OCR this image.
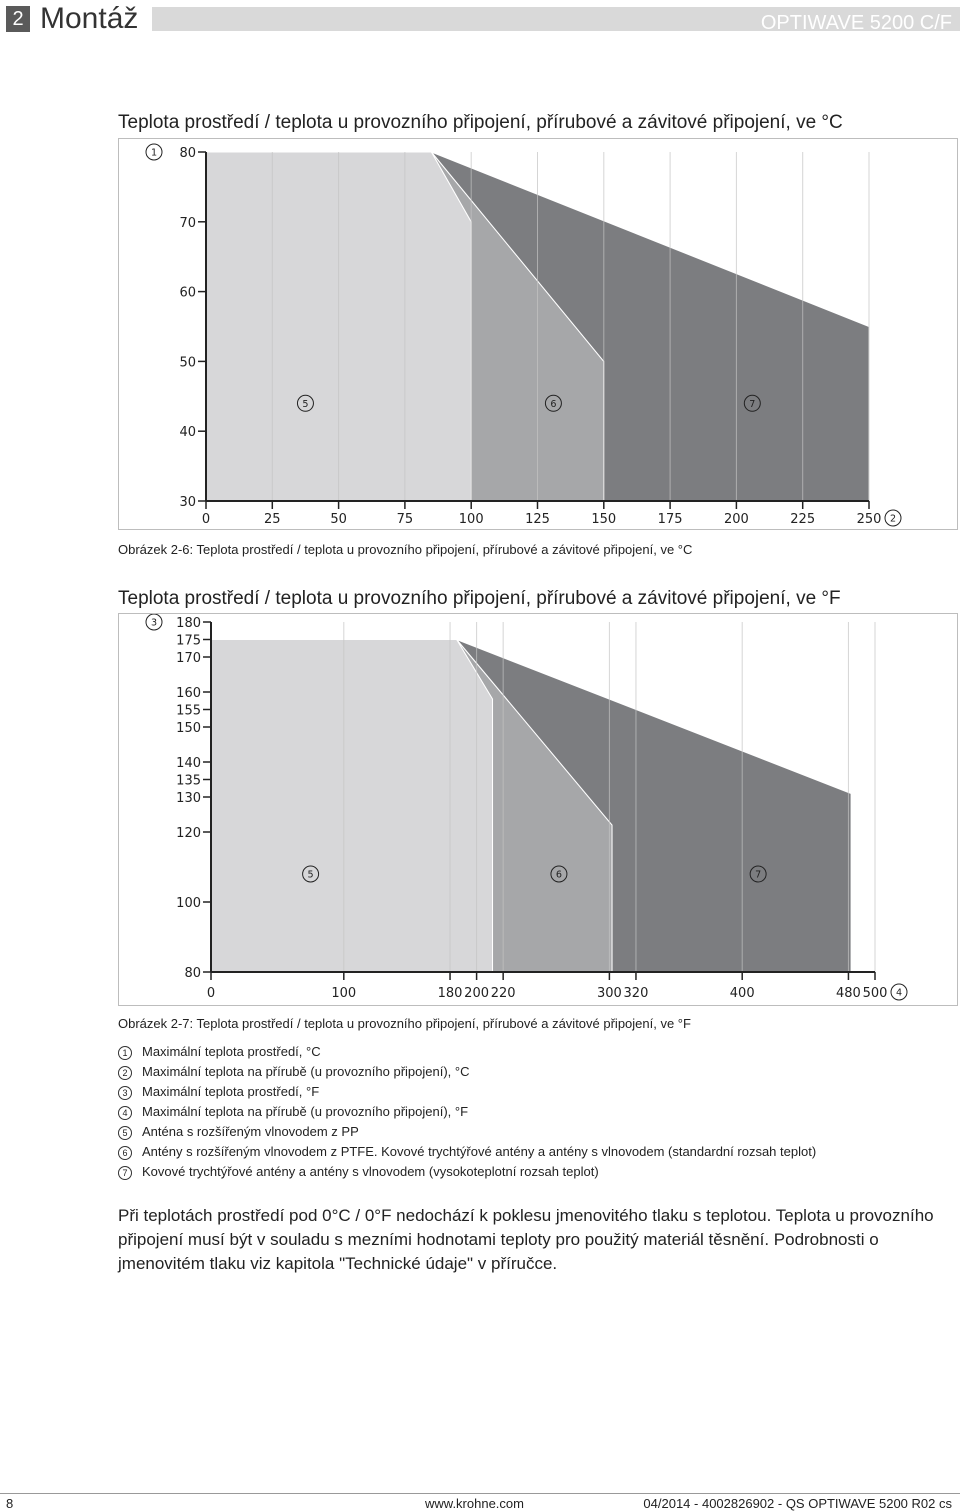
2 Montáž	OPTIWAVE 5200 C/F
Teplota prostředí / teplota u provozního připojení, přírubové a závitové připojení, ve °C
0	25	50	75	100	125	150	175	200	225	250
30
40
50
60
70
80
5	6	7
1
2
Obrázek 2-6: Teplota prostředí / teplota u provozního připojení, přírubové a závitové připojení, ve °C
Teplota prostředí / teplota u provozního připojení, přírubové a závitové připojení, ve °F
0	100	180 200 220	300 320	400	480 500
80
100
120
130
135
140
150
155
160
170
175
180
5	6	7
3
4
Obrázek 2-7: Teplota prostředí / teplota u provozního připojení, přírubové a závitové připojení, ve °F
1 Maximální teplota prostředí, °C
2 Maximální teplota na přírubě (u provozního připojení), °C
3 Maximální teplota prostředí, °F
4 Maximální teplota na přírubě (u provozního připojení), °F
5 Anténa s rozšířeným vlnovodem z PP
6 Antény s rozšířeným vlnovodem z PTFE. Kovové trychtýřové antény a antény s vlnovodem (standardní rozsah teplot)
7 Kovové trychtýřové antény a antény s vlnovodem (vysokoteplotní rozsah teplot)
Při teplotách prostředí pod 0°C / 0°F nedochází k poklesu jmenovitého tlaku s teplotou. Teplota u provozního připojení musí být v souladu s mezními hodnotami teploty pro použitý materiál těsnění. Podrobnosti o jmenovitém tlaku viz kapitola "Technické údaje" v příručce.
8	www.krohne.com	04/2014 - 4002826902 - QS OPTIWAVE 5200 R02 cs
